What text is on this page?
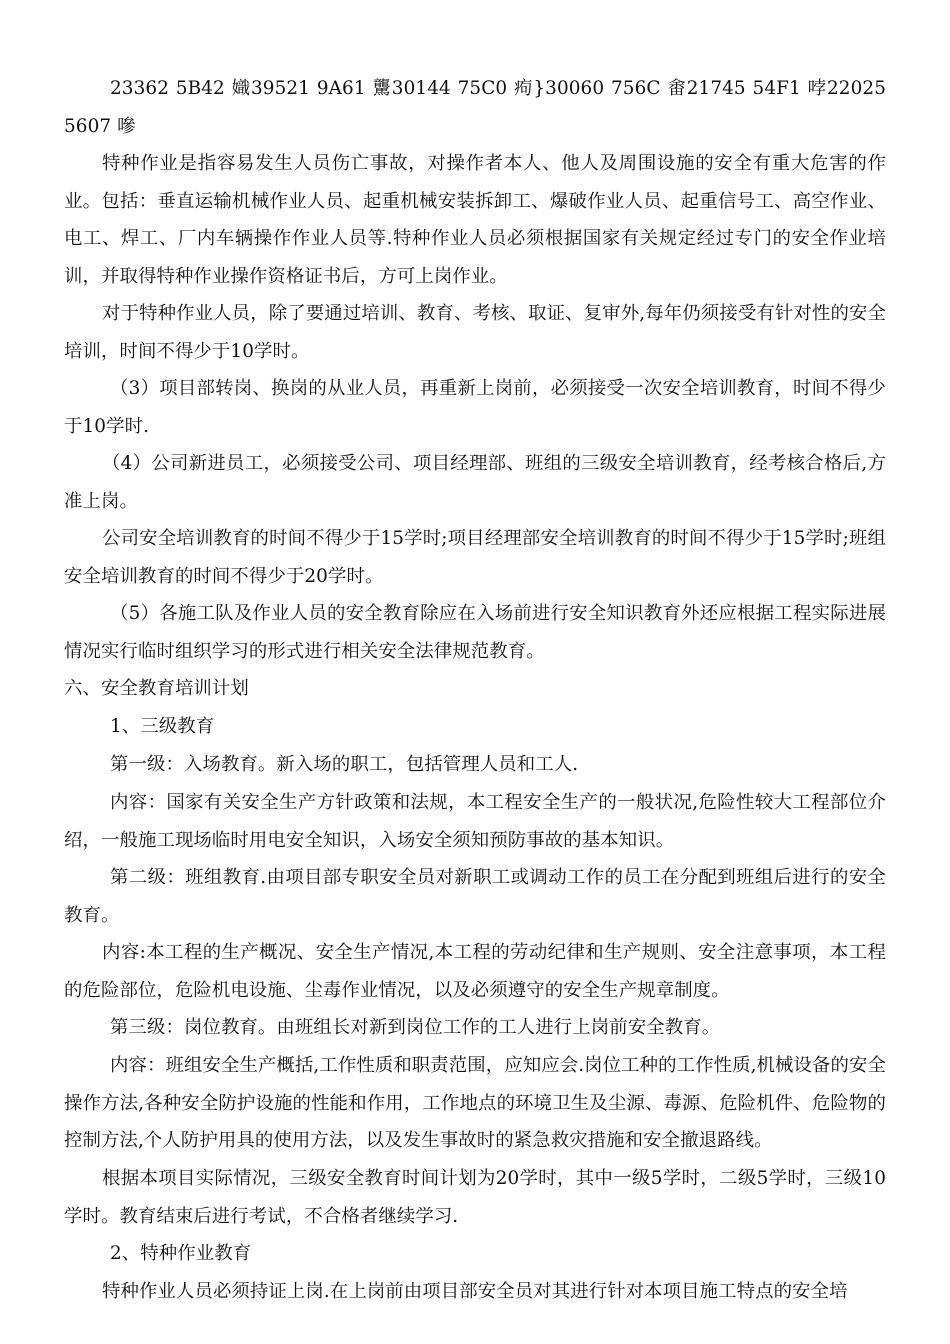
23362 5B42 嬂39521 9A61 驡30144 75C0 痀}30060 756C 畬21745 54F1 哱22025 5607 嘇

特种作业是指容易发生人员伤亡事故，对操作者本人、他人及周围设施的安全有重大危害的作业。包括：垂直运输机械作业人员、起重机械安装拆卸工、爆破作业人员、起重信号工、高空作业、电工、焊工、厂内车辆操作作业人员等.特种作业人员必须根据国家有关规定经过专门的安全作业培训，并取得特种作业操作资格证书后，方可上岗作业。

对于特种作业人员，除了要通过培训、教育、考核、取证、复审外,每年仍须接受有针对性的安全培训，时间不得少于10学时。

（3）项目部转岗、换岗的从业人员，再重新上岗前，必须接受一次安全培训教育，时间不得少于10学时.

（4）公司新进员工，必须接受公司、项目经理部、班组的三级安全培训教育，经考核合格后,方准上岗。

公司安全培训教育的时间不得少于15学时;项目经理部安全培训教育的时间不得少于15学时;班组安全培训教育的时间不得少于20学时。

（5）各施工队及作业人员的安全教育除应在入场前进行安全知识教育外还应根据工程实际进展情况实行临时组织学习的形式进行相关安全法律规范教育。

六、安全教育培训计划

1、三级教育

第一级：入场教育。新入场的职工，包括管理人员和工人.

内容：国家有关安全生产方针政策和法规，本工程安全生产的一般状况,危险性较大工程部位介绍，一般施工现场临时用电安全知识，入场安全须知预防事故的基本知识。

第二级：班组教育.由项目部专职安全员对新职工或调动工作的员工在分配到班组后进行的安全教育。

内容:本工程的生产概况、安全生产情况,本工程的劳动纪律和生产规则、安全注意事项，本工程的危险部位，危险机电设施、尘毒作业情况，以及必须遵守的安全生产规章制度。

第三级：岗位教育。由班组长对新到岗位工作的工人进行上岗前安全教育。

内容：班组安全生产概括,工作性质和职责范围，应知应会.岗位工种的工作性质,机械设备的安全操作方法,各种安全防护设施的性能和作用，工作地点的环境卫生及尘源、毒源、危险机件、危险物的控制方法,个人防护用具的使用方法，以及发生事故时的紧急救灾措施和安全撤退路线。

根据本项目实际情况，三级安全教育时间计划为20学时，其中一级5学时，二级5学时，三级10学时。教育结束后进行考试，不合格者继续学习.

2、特种作业教育

特种作业人员必须持证上岗.在上岗前由项目部安全员对其进行针对本项目施工特点的安全培
